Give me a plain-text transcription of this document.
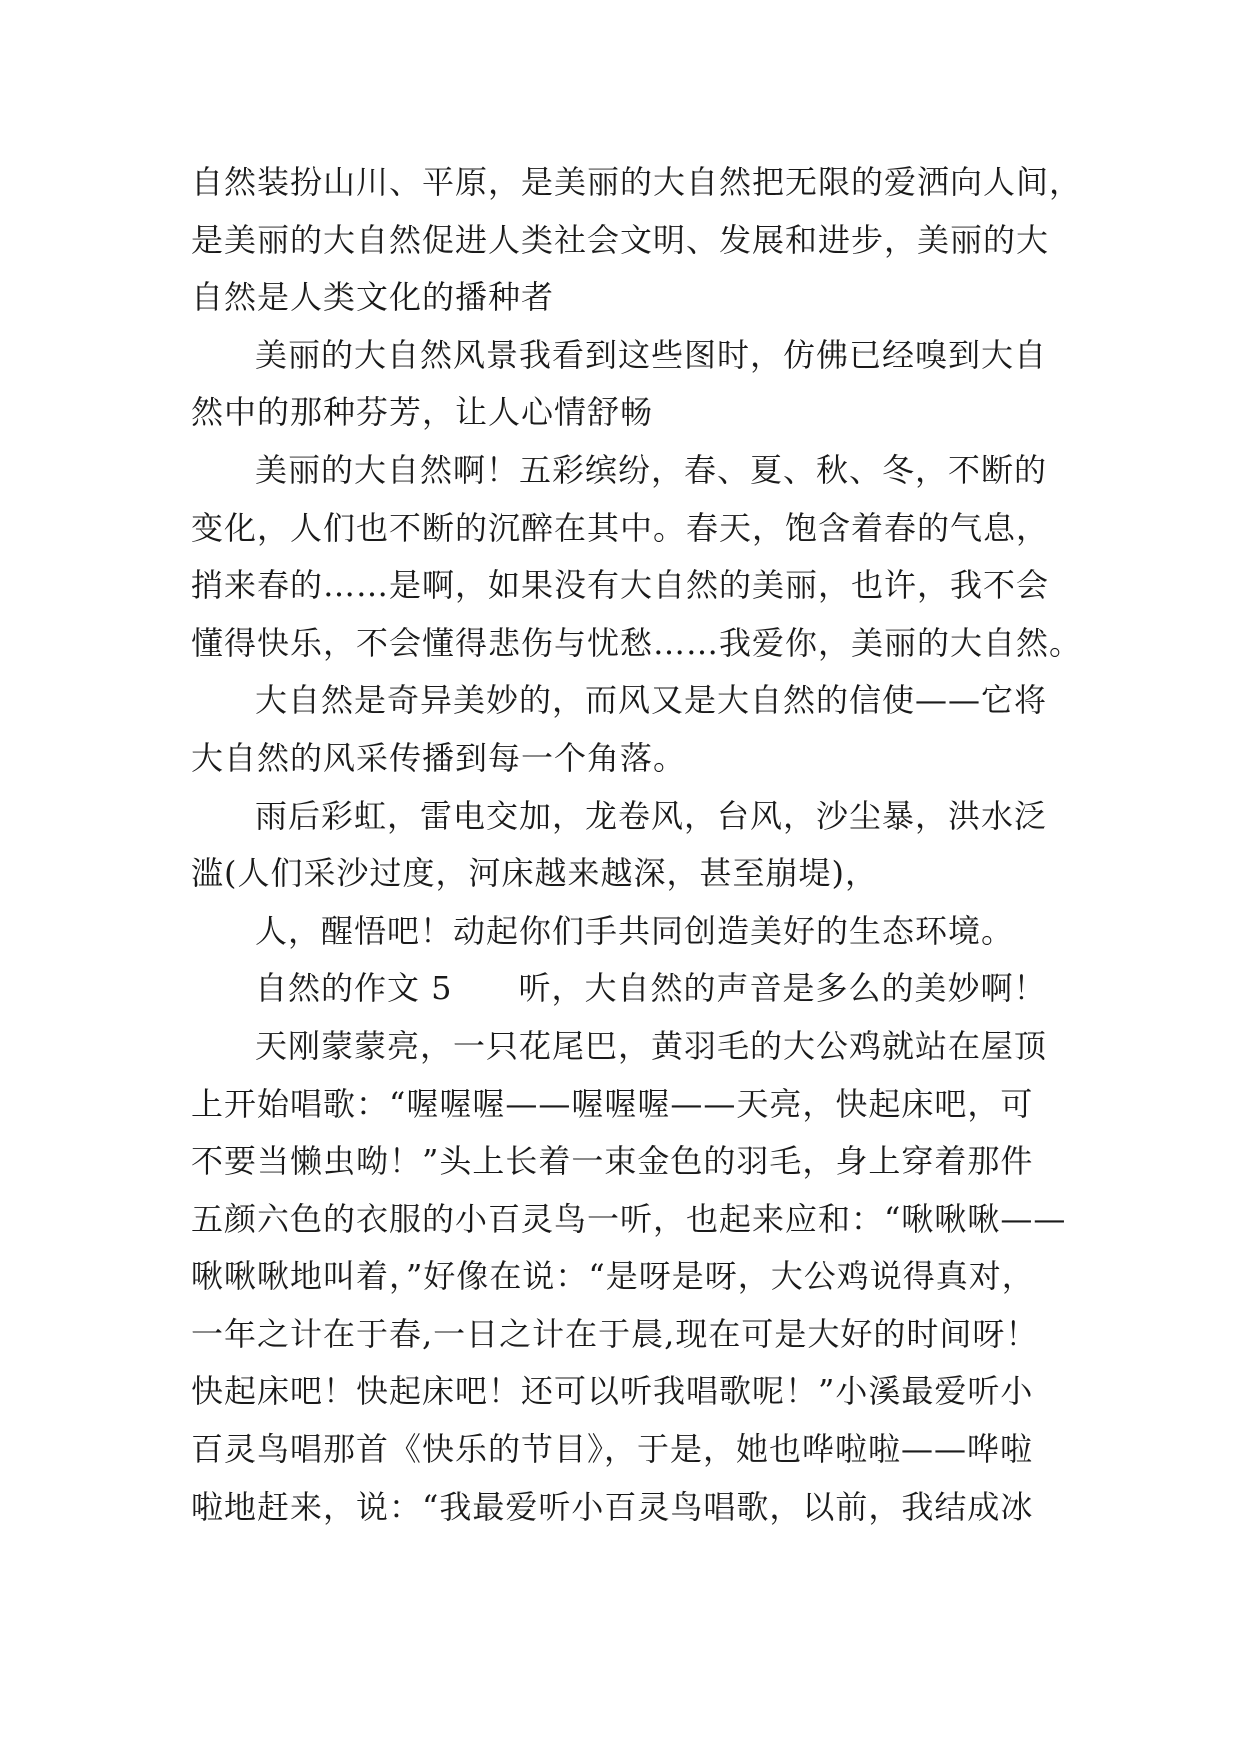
自然装扮山川、平原，是美丽的大自然把无限的爱洒向人间，
是美丽的大自然促进人类社会文明、发展和进步，美丽的大
自然是人类文化的播种者
美丽的大自然风景我看到这些图时，仿佛已经嗅到大自
然中的那种芬芳，让人心情舒畅
美丽的大自然啊！五彩缤纷，春、夏、秋、冬，不断的
变化，人们也不断的沉醉在其中。春天，饱含着春的气息，
捎来春的……是啊，如果没有大自然的美丽，也许，我不会
懂得快乐，不会懂得悲伤与忧愁……我爱你，美丽的大自然。
大自然是奇异美妙的，而风又是大自然的信使——它将
大自然的风采传播到每一个角落。
雨后彩虹，雷电交加，龙卷风，台风，沙尘暴，洪水泛
滥(人们采沙过度，河床越来越深，甚至崩堤)，
人，醒悟吧！动起你们手共同创造美好的生态环境。
自然的作文 5　　听，大自然的声音是多么的美妙啊！
天刚蒙蒙亮，一只花尾巴，黄羽毛的大公鸡就站在屋顶
上开始唱歌：“喔喔喔——喔喔喔——天亮，快起床吧，可
不要当懒虫呦！”头上长着一束金色的羽毛，身上穿着那件
五颜六色的衣服的小百灵鸟一听，也起来应和：“啾啾啾——
啾啾啾地叫着，”好像在说：“是呀是呀，大公鸡说得真对，
一年之计在于春,一日之计在于晨,现在可是大好的时间呀！
快起床吧！快起床吧！还可以听我唱歌呢！”小溪最爱听小
百灵鸟唱那首《快乐的节目》，于是，她也哗啦啦——哗啦
啦地赶来，说：“我最爱听小百灵鸟唱歌，以前，我结成冰
